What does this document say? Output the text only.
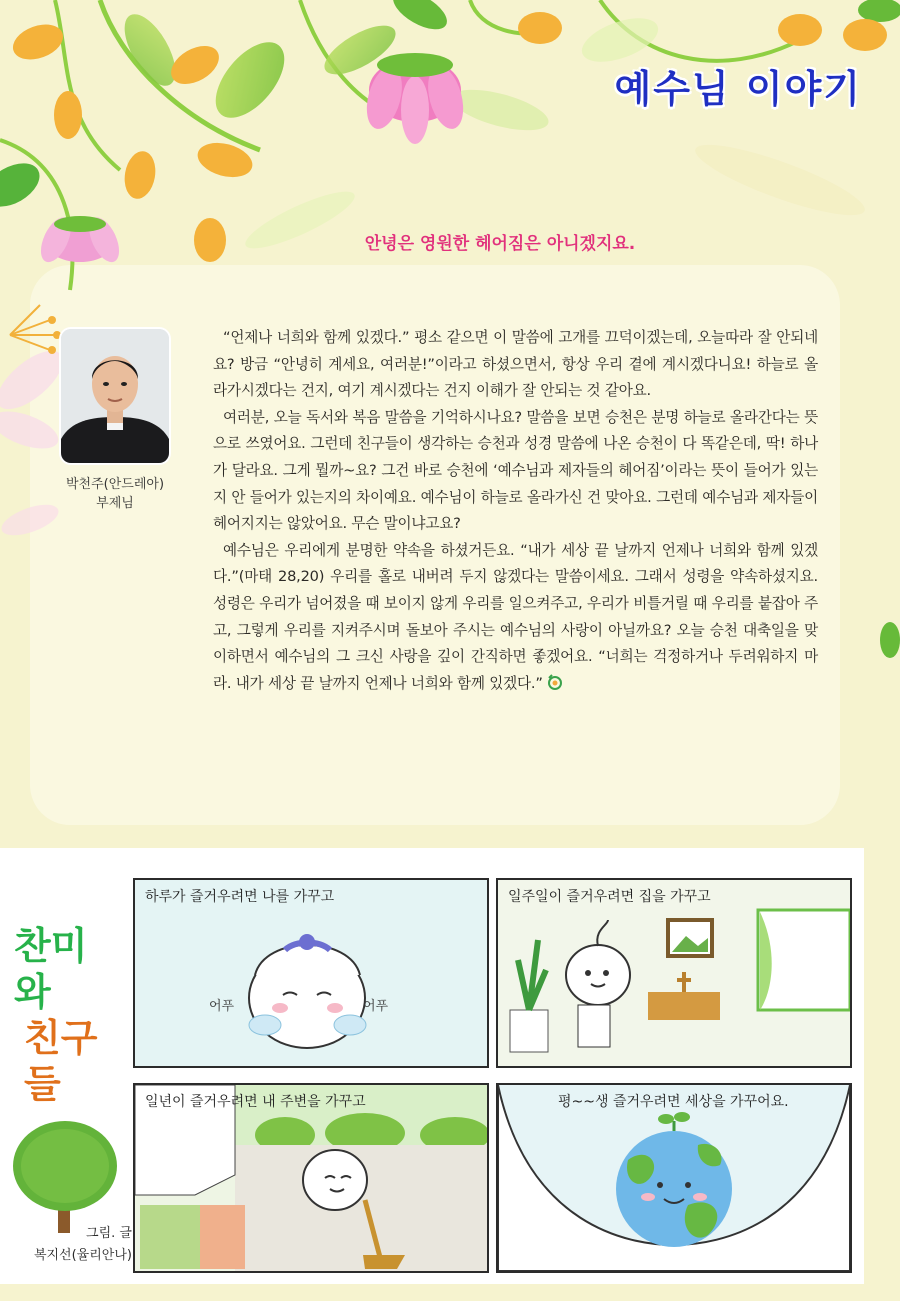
예수님 이야기
안녕은 영원한 헤어짐은 아니겠지요.
박천주(안드레아)
부제님

“언제나 너희와 함께 있겠다.” 평소 같으면 이 말씀에 고개를 끄덕이겠는데, 오늘따라 잘 안되네요? 방금 “안녕히 계세요, 여러분!”이라고 하셨으면서, 항상 우리 곁에 계시겠다니요! 하늘로 올라가시겠다는 건지, 여기 계시겠다는 건지 이해가 잘 안되는 것 같아요.

여러분, 오늘 독서와 복음 말씀을 기억하시나요? 말씀을 보면 승천은 분명 하늘로 올라간다는 뜻으로 쓰였어요. 그런데 친구들이 생각하는 승천과 성경 말씀에 나온 승천이 다 똑같은데, 딱! 하나가 달라요. 그게 뭘까~요? 그건 바로 승천에 ‘예수님과 제자들의 헤어짐’이라는 뜻이 들어가 있는지 안 들어가 있는지의 차이예요. 예수님이 하늘로 올라가신 건 맞아요. 그런데 예수님과 제자들이 헤어지지는 않았어요. 무슨 말이냐고요?

예수님은 우리에게 분명한 약속을 하셨거든요. “내가 세상 끝 날까지 언제나 너희와 함께 있겠다.”(마태 28,20) 우리를 홀로 내버려 두지 않겠다는 말씀이세요. 그래서 성령을 약속하셨지요. 성령은 우리가 넘어졌을 때 보이지 않게 우리를 일으켜주고, 우리가 비틀거릴 때 우리를 붙잡아 주고, 그렇게 우리를 지켜주시며 돌보아 주시는 예수님의 사랑이 아닐까요? 오늘 승천 대축일을 맞이하면서 예수님의 그 크신 사랑을 깊이 간직하면 좋겠어요. “너희는 걱정하거나 두려워하지 마라. 내가 세상 끝 날까지 언제나 너희와 함께 있겠다.”

찬미와
친구들
그림. 글
복지선(율리안나)
하루가 즐거우려면 나를 가꾸고
어푸	어푸
일주일이 즐거우려면 집을 가꾸고
일년이 즐거우려면 내 주변을 가꾸고	평~~생 즐거우려면 세상을 가꾸어요.
